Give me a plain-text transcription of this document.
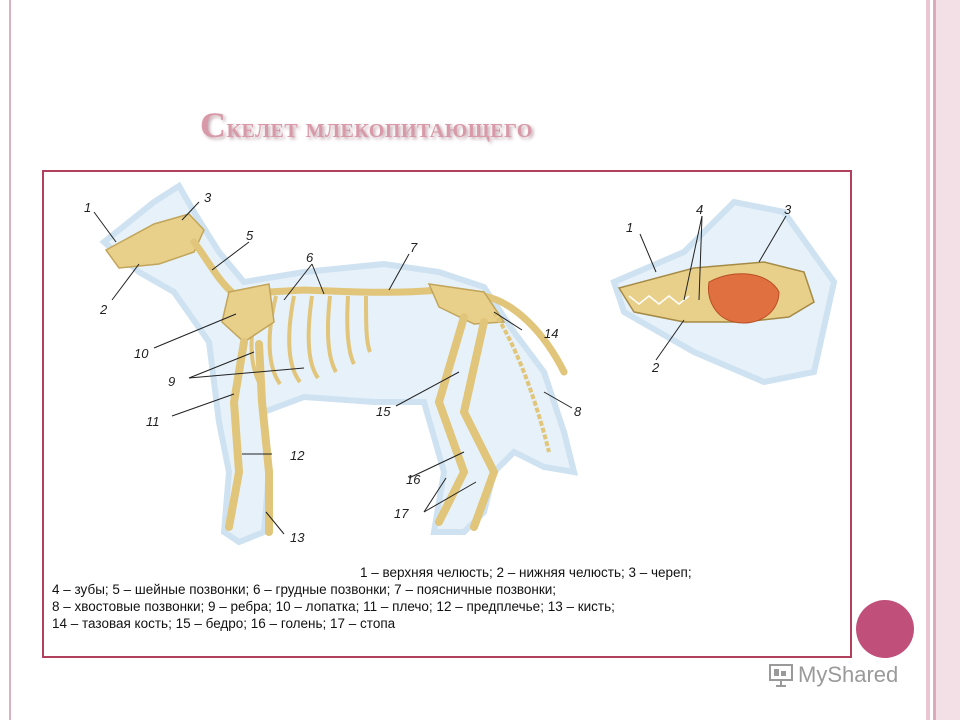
Скелет млекопитающего
1
3
2
5
6
7
10
9
11
14
15	8
12
16
17
13
1
4	3
2
1 – верхняя челюсть; 2 – нижняя челюсть; 3 – череп;
4 – зубы; 5 – шейные позвонки; 6 – грудные позвонки; 7 – поясничные позвонки;
8 – хвостовые позвонки; 9 – ребра; 10 – лопатка; 11 – плечо; 12 – предплечье; 13 – кисть;
14 – тазовая кость; 15 – бедро; 16 – голень; 17 – стопа
MyShared
